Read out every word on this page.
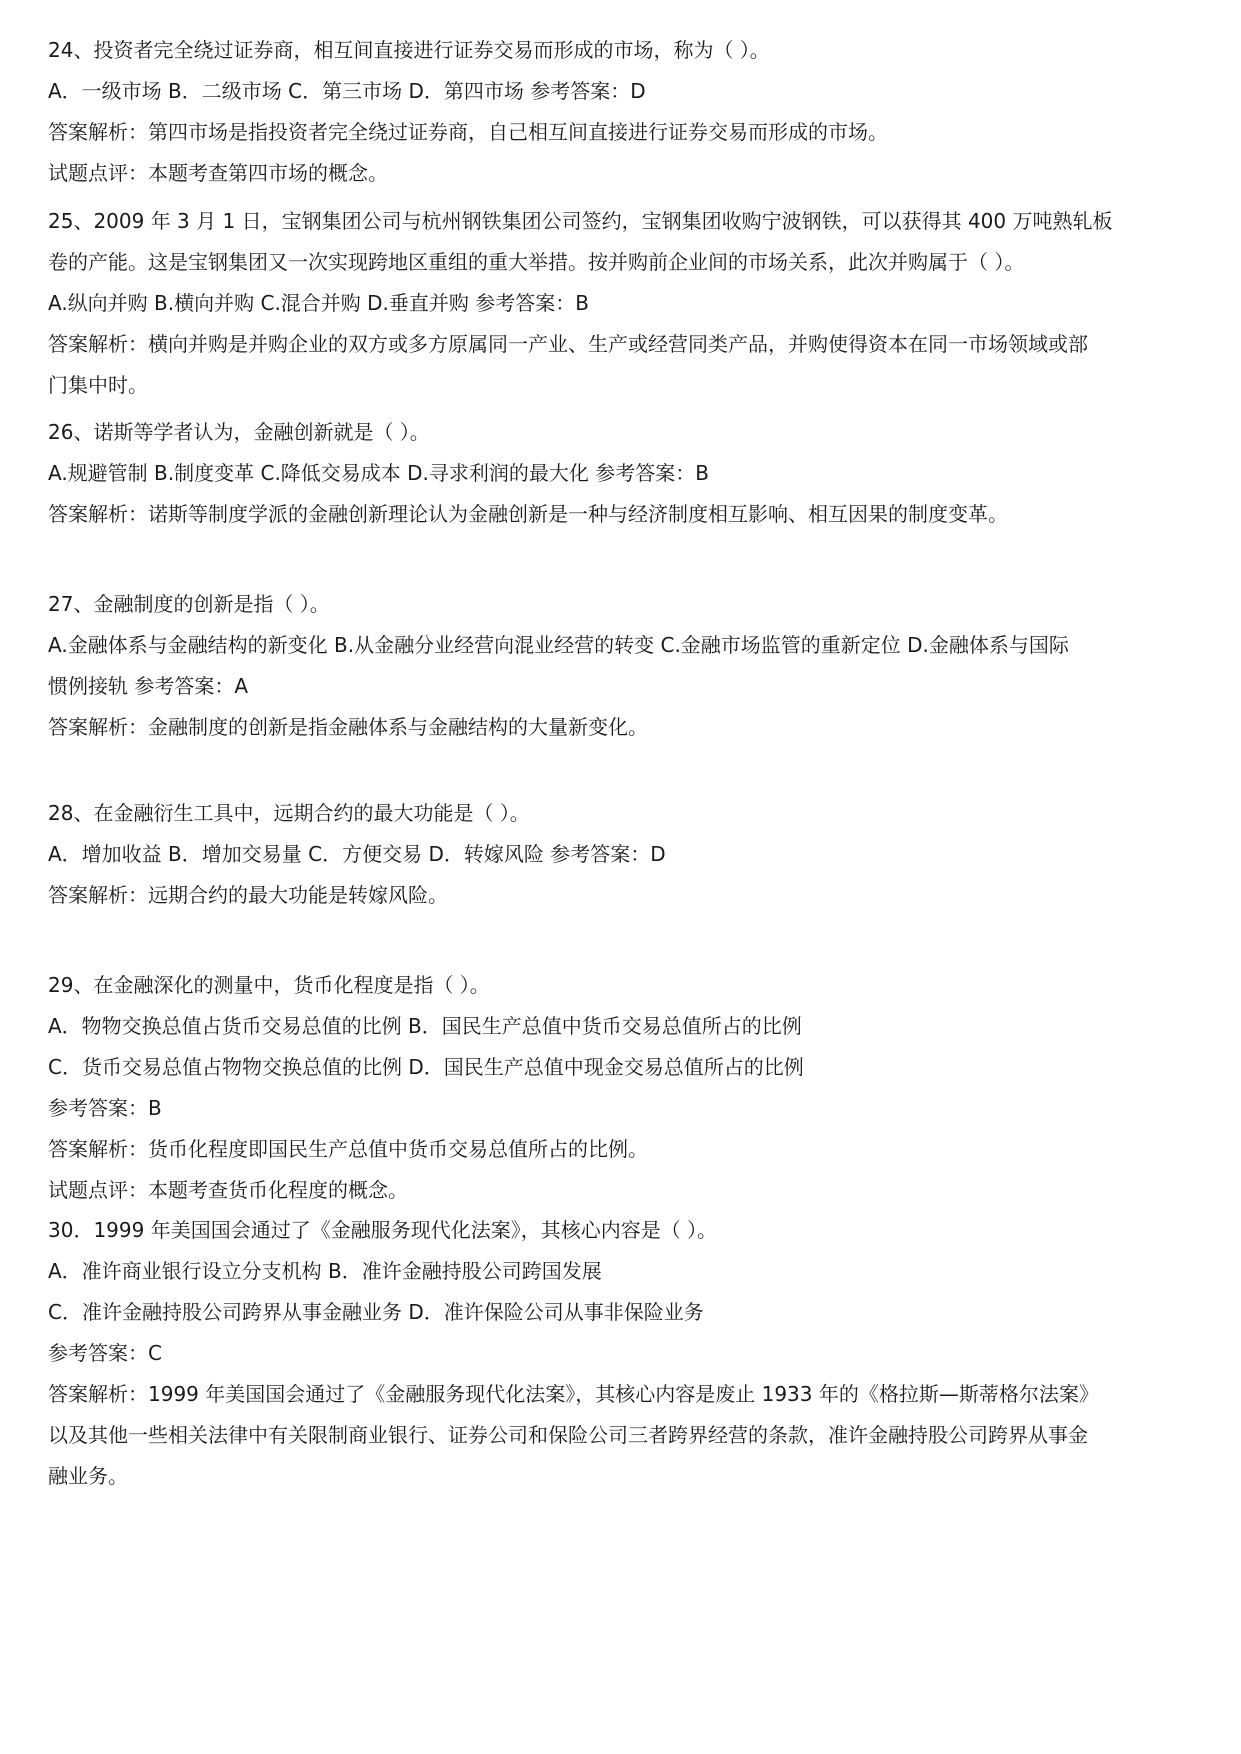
24、投资者完全绕过证券商，相互间直接进行证券交易而形成的市场，称为（ ）。

A．一级市场 B．二级市场 C．第三市场 D．第四市场 参考答案：D

答案解析：第四市场是指投资者完全绕过证券商，自己相互间直接进行证券交易而形成的市场。

试题点评：本题考查第四市场的概念。

25、2009 年 3 月 1 日，宝钢集团公司与杭州钢铁集团公司签约，宝钢集团收购宁波钢铁，可以获得其 400 万吨熟轧板

卷的产能。这是宝钢集团又一次实现跨地区重组的重大举措。按并购前企业间的市场关系，此次并购属于（ ）。

A.纵向并购 B.横向并购 C.混合并购 D.垂直并购 参考答案：B

答案解析：横向并购是并购企业的双方或多方原属同一产业、生产或经营同类产品，并购使得资本在同一市场领域或部

门集中时。

26、诺斯等学者认为，金融创新就是（ ）。

A.规避管制 B.制度变革 C.降低交易成本 D.寻求利润的最大化 参考答案：B

答案解析：诺斯等制度学派的金融创新理论认为金融创新是一种与经济制度相互影响、相互因果的制度变革。

27、金融制度的创新是指（ ）。

A.金融体系与金融结构的新变化 B.从金融分业经营向混业经营的转变 C.金融市场监管的重新定位 D.金融体系与国际

惯例接轨 参考答案：A

答案解析：金融制度的创新是指金融体系与金融结构的大量新变化。

28、在金融衍生工具中，远期合约的最大功能是（ ）。

A．增加收益 B．增加交易量 C．方便交易 D．转嫁风险 参考答案：D

答案解析：远期合约的最大功能是转嫁风险。

29、在金融深化的测量中，货币化程度是指（ ）。

A．物物交换总值占货币交易总值的比例 B．国民生产总值中货币交易总值所占的比例

C．货币交易总值占物物交换总值的比例 D．国民生产总值中现金交易总值所占的比例

参考答案：B

答案解析：货币化程度即国民生产总值中货币交易总值所占的比例。

试题点评：本题考查货币化程度的概念。

30．1999 年美国国会通过了《金融服务现代化法案》，其核心内容是（ ）。

A．准许商业银行设立分支机构 B．准许金融持股公司跨国发展

C．准许金融持股公司跨界从事金融业务 D．准许保险公司从事非保险业务

参考答案：C

答案解析：1999 年美国国会通过了《金融服务现代化法案》，其核心内容是废止 1933 年的《格拉斯—斯蒂格尔法案》

以及其他一些相关法律中有关限制商业银行、证券公司和保险公司三者跨界经营的条款，准许金融持股公司跨界从事金

融业务。
